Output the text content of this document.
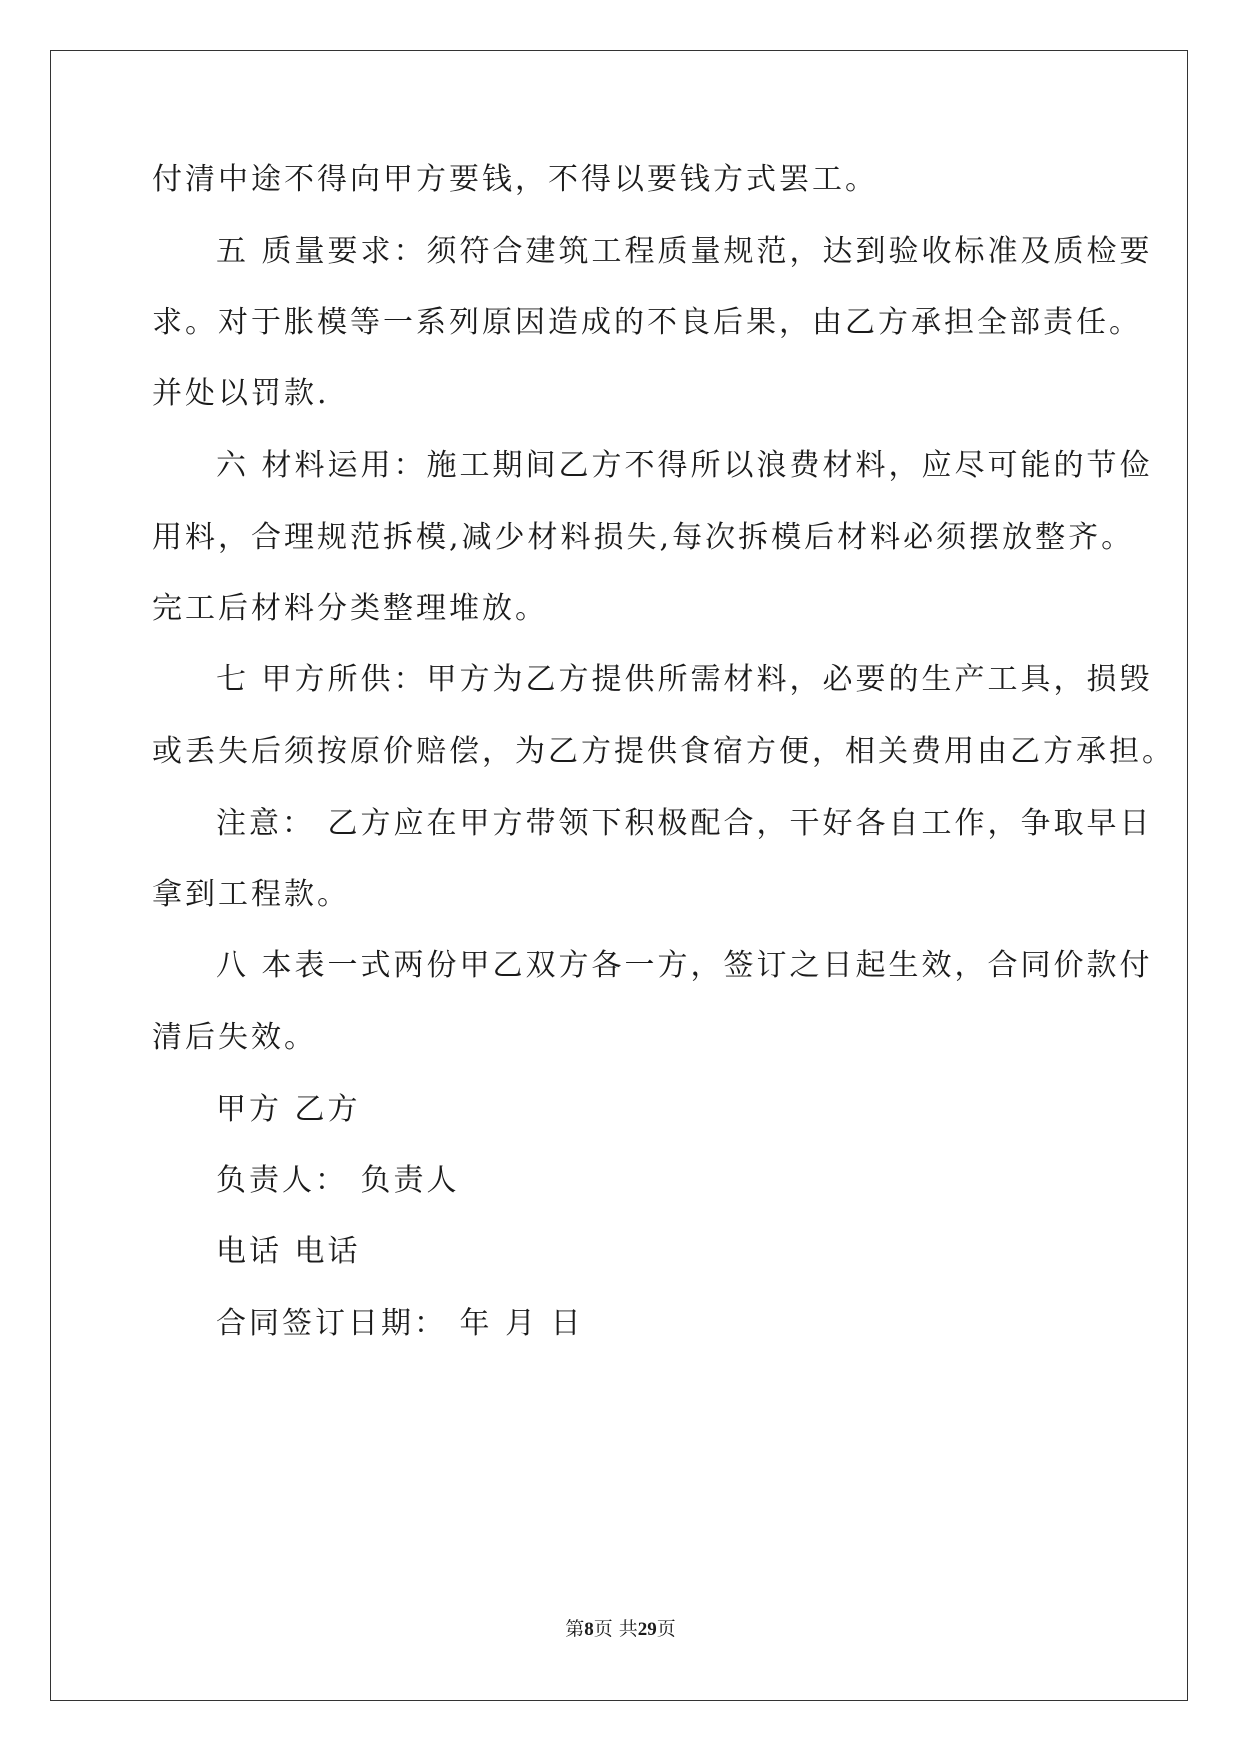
付清中途不得向甲方要钱，不得以要钱方式罢工。
五 质量要求：须符合建筑工程质量规范，达到验收标准及质检要
求。对于胀模等一系列原因造成的不良后果，由乙方承担全部责任。
并处以罚款.
六 材料运用：施工期间乙方不得所以浪费材料，应尽可能的节俭
用料，合理规范拆模,减少材料损失,每次拆模后材料必须摆放整齐。
完工后材料分类整理堆放。
七 甲方所供：甲方为乙方提供所需材料，必要的生产工具，损毁
或丢失后须按原价赔偿，为乙方提供食宿方便，相关费用由乙方承担。
注意： 乙方应在甲方带领下积极配合，干好各自工作，争取早日
拿到工程款。
八 本表一式两份甲乙双方各一方，签订之日起生效，合同价款付
清后失效。
甲方 乙方
负责人： 负责人
电话 电话
合同签订日期： 年 月 日
第8页 共29页
